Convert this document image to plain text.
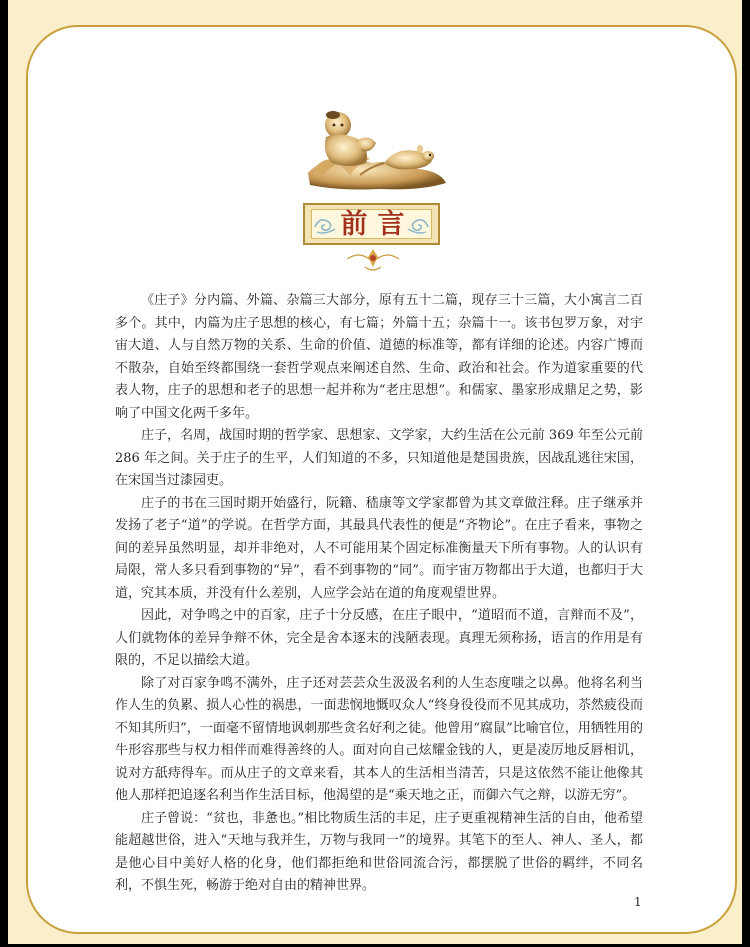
前言

《庄子》分内篇、外篇、杂篇三大部分，原有五十二篇，现存三十三篇，大小寓言二百多个。其中，内篇为庄子思想的核心，有七篇；外篇十五；杂篇十一。该书包罗万象，对宇宙大道、人与自然万物的关系、生命的价值、道德的标准等，都有详细的论述。内容广博而不散杂，自始至终都围绕一套哲学观点来阐述自然、生命、政治和社会。作为道家重要的代表人物，庄子的思想和老子的思想一起并称为“老庄思想”。和儒家、墨家形成鼎足之势，影响了中国文化两千多年。

庄子，名周，战国时期的哲学家、思想家、文学家，大约生活在公元前 369 年至公元前 286 年之间。关于庄子的生平，人们知道的不多，只知道他是楚国贵族，因战乱逃往宋国，在宋国当过漆园吏。

庄子的书在三国时期开始盛行，阮籍、嵇康等文学家都曾为其文章做注释。庄子继承并发扬了老子“道”的学说。在哲学方面，其最具代表性的便是“齐物论”。在庄子看来，事物之间的差异虽然明显，却并非绝对，人不可能用某个固定标准衡量天下所有事物。人的认识有局限，常人多只看到事物的“异”，看不到事物的“同”。而宇宙万物都出于大道，也都归于大道，究其本质，并没有什么差别，人应学会站在道的角度观望世界。

因此，对争鸣之中的百家，庄子十分反感，在庄子眼中，“道昭而不道，言辩而不及”，人们就物体的差异争辩不休，完全是舍本逐末的浅陋表现。真理无须称扬，语言的作用是有限的，不足以描绘大道。

除了对百家争鸣不满外，庄子还对芸芸众生汲汲名利的人生态度嗤之以鼻。他将名利当作人生的负累、损人心性的祸患，一面悲悯地慨叹众人“终身役役而不见其成功，苶然疲役而不知其所归”，一面毫不留情地讽刺那些贪名好利之徒。他曾用“腐鼠”比喻官位，用牺牲用的牛形容那些与权力相伴而难得善终的人。面对向自己炫耀金钱的人，更是凌厉地反唇相讥，说对方舐痔得车。而从庄子的文章来看，其本人的生活相当清苦，只是这依然不能让他像其他人那样把追逐名利当作生活目标，他渴望的是“乘天地之正，而御六气之辩，以游无穷”。

庄子曾说：“贫也，非惫也。”相比物质生活的丰足，庄子更重视精神生活的自由，他希望能超越世俗，进入“天地与我并生，万物与我同一”的境界。其笔下的至人、神人、圣人，都是他心目中美好人格的化身，他们都拒绝和世俗同流合污，都摆脱了世俗的羁绊，不同名利，不惧生死，畅游于绝对自由的精神世界。

1
